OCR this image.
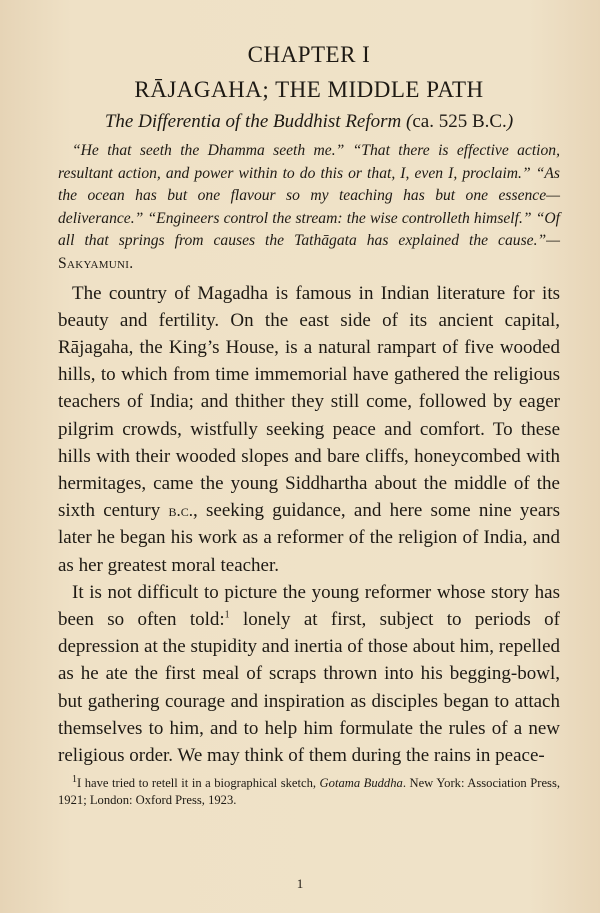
CHAPTER I
RĀJAGAHA; THE MIDDLE PATH
The Differentia of the Buddhist Reform (ca. 525 B.C.)

“He that seeth the Dhamma seeth me.” “That there is effective action, resultant action, and power within to do this or that, I, even I, proclaim.” “As the ocean has but one flavour so my teaching has but one essence—deliverance.” “Engineers control the stream: the wise controlleth himself.” “Of all that springs from causes the Tathāgata has explained the cause.”—Sakyamuni.

The country of Magadha is famous in Indian literature for its beauty and fertility. On the east side of its ancient capital, Rājagaha, the King’s House, is a natural rampart of five wooded hills, to which from time immemorial have gathered the religious teachers of India; and thither they still come, followed by eager pilgrim crowds, wistfully seeking peace and comfort. To these hills with their wooded slopes and bare cliffs, honeycombed with hermitages, came the young Siddhartha about the middle of the sixth century b.c., seeking guidance, and here some nine years later he began his work as a reformer of the religion of India, and as her greatest moral teacher.

It is not difficult to picture the young reformer whose story has been so often told:$^1$ lonely at first, subject to periods of depression at the stupidity and inertia of those about him, repelled as he ate the first meal of scraps thrown into his begging-bowl, but gathering courage and inspiration as disciples began to attach themselves to him, and to help him formulate the rules of a new religious order. We may think of them during the rains in peace-

$^1$I have tried to retell it in a biographical sketch, Gotama Buddha. New York: Association Press, 1921; London: Oxford Press, 1923.

1
